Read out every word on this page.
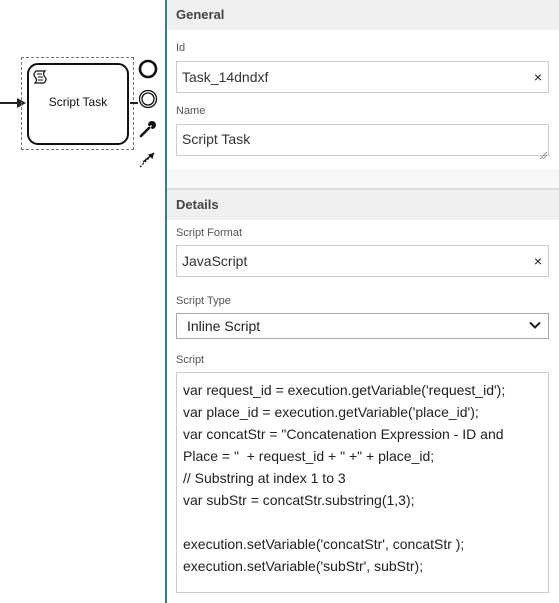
Script Task
General
Id
Task_14dndxf
×
Name
Script Task
Details
Script Format
JavaScript
×
Script Type
Inline Script
Script
var request_id = execution.getVariable('request_id'); var place_id = execution.getVariable('place_id'); var concatStr = "Concatenation Expression - ID and Place = " + request_id + " +" + place_id; // Substring at index 1 to 3 var subStr = concatStr.substring(1,3); execution.setVariable('concatStr', concatStr ); execution.setVariable('subStr', subStr);
